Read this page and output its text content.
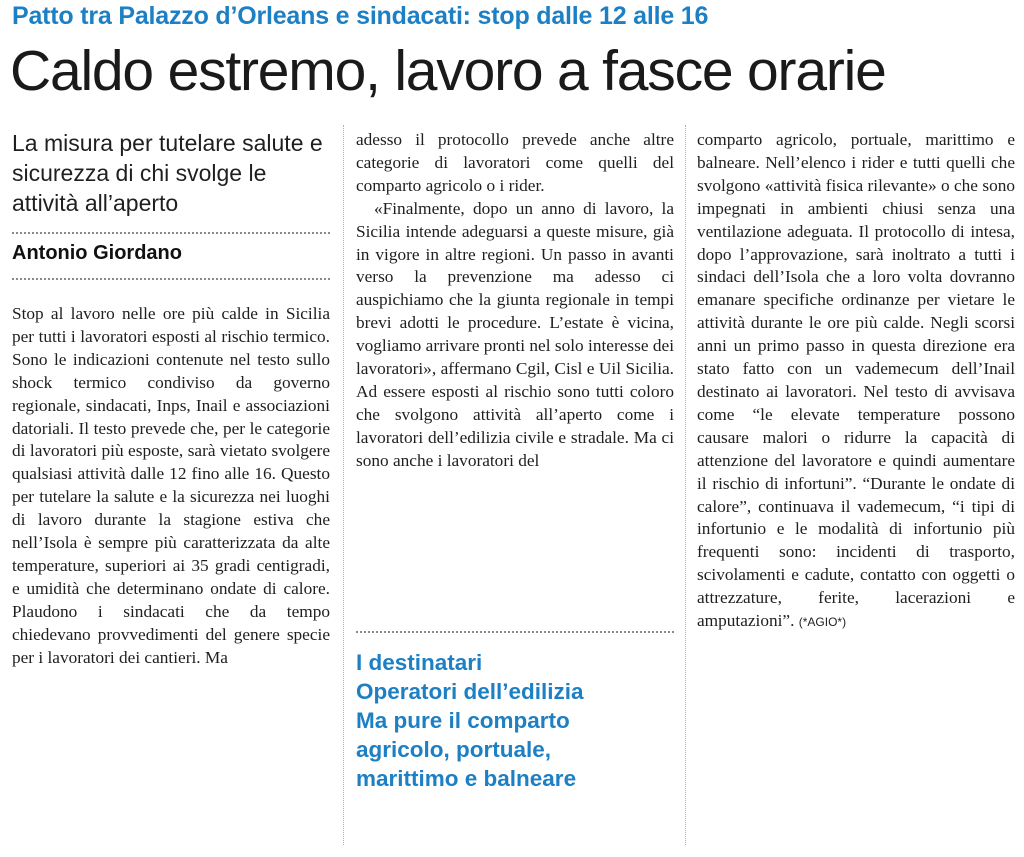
Patto tra Palazzo d’Orleans e sindacati: stop dalle 12 alle 16
Caldo estremo, lavoro a fasce orarie
La misura per tutelare salute e sicurezza di chi svolge le attività all’aperto
Antonio Giordano

Stop al lavoro nelle ore più calde in Sicilia per tutti i lavoratori esposti al rischio termico. Sono le indicazioni contenute nel testo sullo shock termico condiviso da governo regionale, sindacati, Inps, Inail e associazioni datoriali. Il testo prevede che, per le categorie di lavoratori più esposte, sarà vietato svolgere qualsiasi attività dalle 12 fino alle 16. Questo per tutelare la salute e la sicurezza nei luoghi di lavoro durante la stagione estiva che nell’Isola è sempre più caratterizzata da alte temperature, superiori ai 35 gradi centigradi, e umidità che determinano ondate di calore. Plaudono i sindacati che da tempo chiedevano provvedimenti del genere specie per i lavoratori dei cantieri. Ma

adesso il protocollo prevede anche altre categorie di lavoratori come quelli del comparto agricolo o i rider.

«Finalmente, dopo un anno di lavoro, la Sicilia intende adeguarsi a queste misure, già in vigore in altre regioni. Un passo in avanti verso la prevenzione ma adesso ci auspichiamo che la giunta regionale in tempi brevi adotti le procedure. L’estate è vicina, vogliamo arrivare pronti nel solo interesse dei lavoratori», affermano Cgil, Cisl e Uil Sicilia. Ad essere esposti al rischio sono tutti coloro che svolgono attività all’aperto come i lavoratori dell’edilizia civile e stradale. Ma ci sono anche i lavoratori del

I destinatari
Operatori dell’edilizia
Ma pure il comparto
agricolo, portuale,
marittimo e balneare

comparto agricolo, portuale, marittimo e balneare. Nell’elenco i rider e tutti quelli che svolgono «attività fisica rilevante» o che sono impegnati in ambienti chiusi senza una ventilazione adeguata. Il protocollo di intesa, dopo l’approvazione, sarà inoltrato a tutti i sindaci dell’Isola che a loro volta dovranno emanare specifiche ordinanze per vietare le attività durante le ore più calde. Negli scorsi anni un primo passo in questa direzione era stato fatto con un vademecum dell’Inail destinato ai lavoratori. Nel testo di avvisava come “le elevate temperature possono causare malori o ridurre la capacità di attenzione del lavoratore e quindi aumentare il rischio di infortuni”. “Durante le ondate di calore”, continuava il vademecum, “i tipi di infortunio e le modalità di infortunio più frequenti sono: incidenti di trasporto, scivolamenti e cadute, contatto con oggetti o attrezzature, ferite, lacerazioni e amputazioni”. (*AGIO*)
